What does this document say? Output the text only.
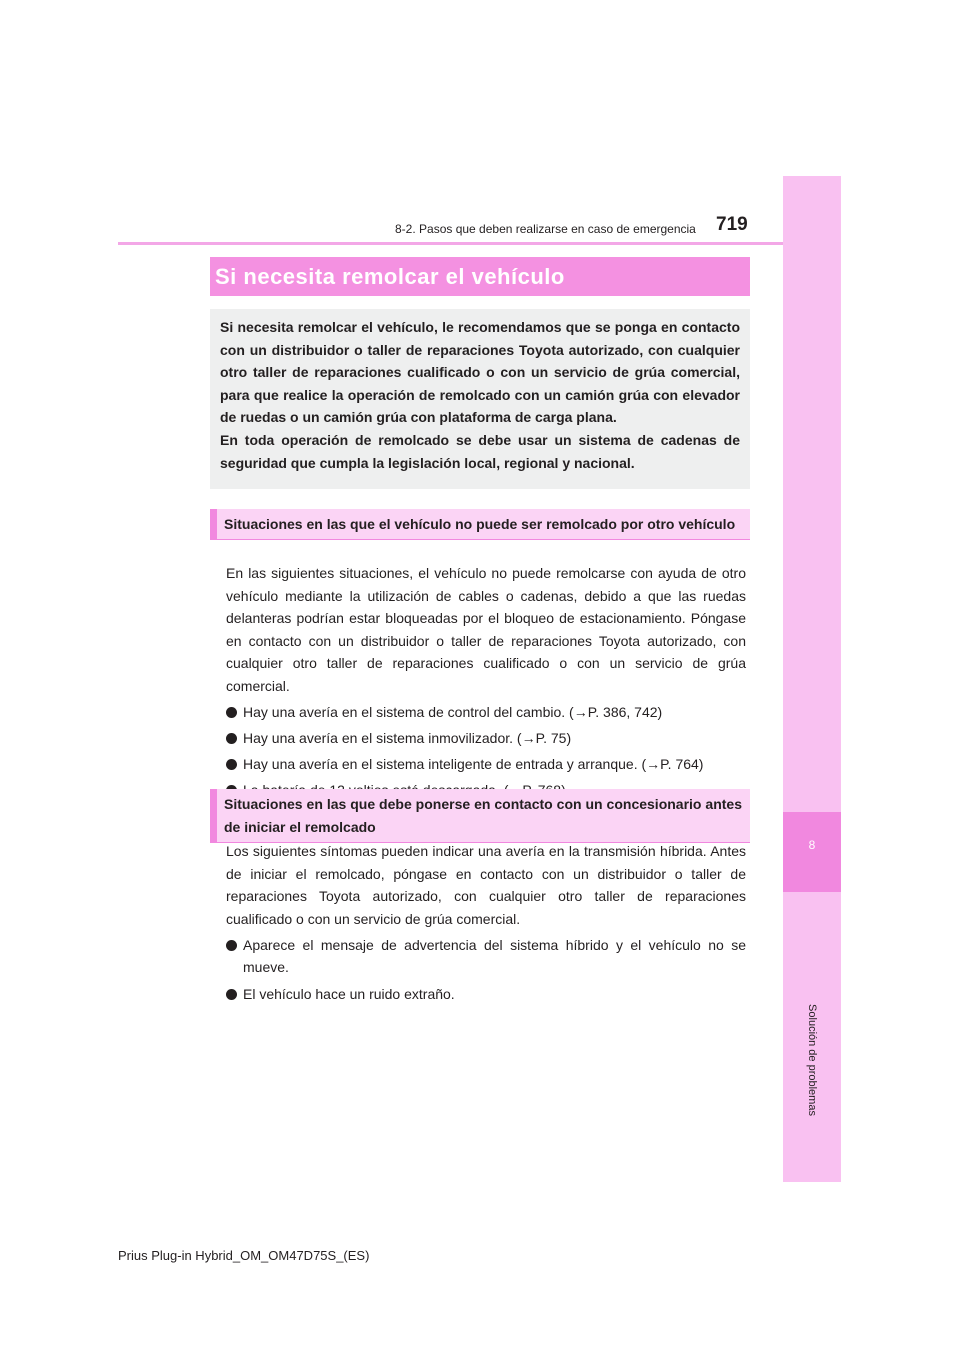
8
Solución de problemas
8-2. Pasos que deben realizarse en caso de emergencia 719
Si necesita remolcar el vehículo

Si necesita remolcar el vehículo, le recomendamos que se ponga en contacto con un distribuidor o taller de reparaciones Toyota autorizado, con cualquier otro taller de reparaciones cualificado o con un servicio de grúa comercial, para que realice la operación de remolcado con un camión grúa con elevador de ruedas o un camión grúa con plataforma de carga plana.

En toda operación de remolcado se debe usar un sistema de cadenas de seguridad que cumpla la legislación local, regional y nacional.

Situaciones en las que el vehículo no puede ser remolcado por otro vehículo

En las siguientes situaciones, el vehículo no puede remolcarse con ayuda de otro vehículo mediante la utilización de cables o cadenas, debido a que las ruedas delanteras podrían estar bloqueadas por el bloqueo de estacionamiento. Póngase en contacto con un distribuidor o taller de reparaciones Toyota autorizado, con cualquier otro taller de reparaciones cualificado o con un servicio de grúa comercial.

Hay una avería en el sistema de control del cambio. (→P. 386, 742)
Hay una avería en el sistema inmovilizador. (→P. 75)
Hay una avería en el sistema inteligente de entrada y arranque. (→P. 764)
Situaciones en las que debe ponerse en contacto con un concesionario antes de iniciar el remolcado

Los siguientes síntomas pueden indicar una avería en la transmisión híbrida. Antes de iniciar el remolcado, póngase en contacto con un distribuidor o taller de reparaciones Toyota autorizado, con cualquier otro taller de reparaciones cualificado o con un servicio de grúa comercial.

Aparece el mensaje de advertencia del sistema híbrido y el vehículo no se mueve.
El vehículo hace un ruido extraño.
Prius Plug-in Hybrid_OM_OM47D75S_(ES)
